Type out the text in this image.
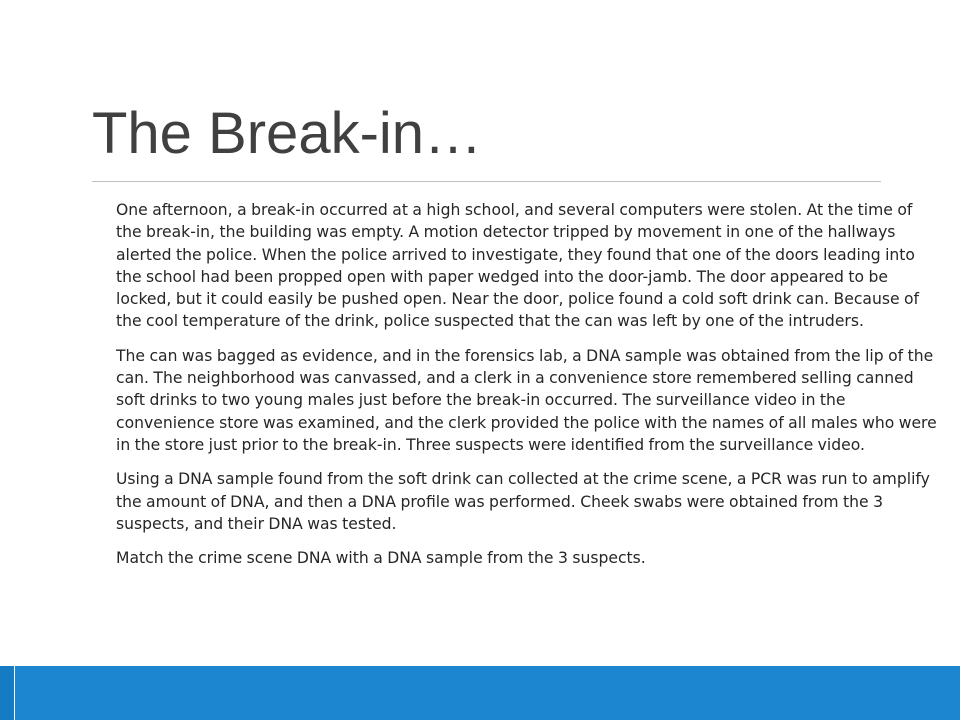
The Break-in…

One afternoon, a break-in occurred at a high school, and several computers were stolen. At the time of the break-in, the building was empty. A motion detector tripped by movement in one of the hallways alerted the police. When the police arrived to investigate, they found that one of the doors leading into the school had been propped open with paper wedged into the door-jamb. The door appeared to be locked, but it could easily be pushed open. Near the door, police found a cold soft drink can. Because of the cool temperature of the drink, police suspected that the can was left by one of the intruders.

The can was bagged as evidence, and in the forensics lab, a DNA sample was obtained from the lip of the can. The neighborhood was canvassed, and a clerk in a convenience store remembered selling canned soft drinks to two young males just before the break-in occurred. The surveillance video in the convenience store was examined, and the clerk provided the police with the names of all males who were in the store just prior to the break-in. Three suspects were identified from the surveillance video.

Using a DNA sample found from the soft drink can collected at the crime scene, a PCR was run to amplify the amount of DNA, and then a DNA profile was performed. Cheek swabs were obtained from the 3 suspects, and their DNA was tested.

Match the crime scene DNA with a DNA sample from the 3 suspects.
